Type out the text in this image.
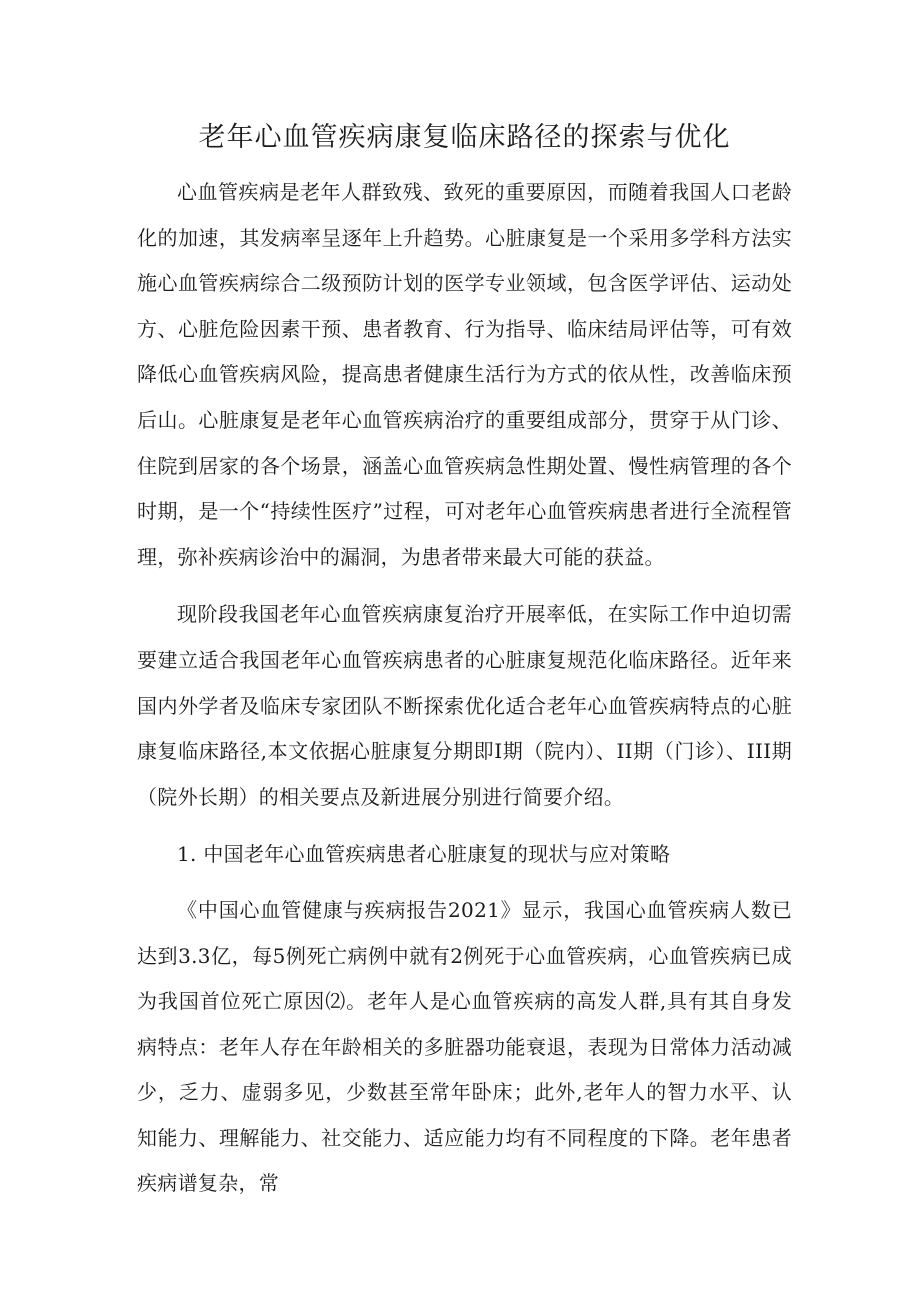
老年心血管疾病康复临床路径的探索与优化

心血管疾病是老年人群致残、致死的重要原因，而随着我国人口老龄化的加速，其发病率呈逐年上升趋势。心脏康复是一个采用多学科方法实施心血管疾病综合二级预防计划的医学专业领域，包含医学评估、运动处方、心脏危险因素干预、患者教育、行为指导、临床结局评估等，可有效降低心血管疾病风险，提高患者健康生活行为方式的依从性，改善临床预后山。心脏康复是老年心血管疾病治疗的重要组成部分，贯穿于从门诊、住院到居家的各个场景，涵盖心血管疾病急性期处置、慢性病管理的各个时期，是一个“持续性医疗”过程，可对老年心血管疾病患者进行全流程管理，弥补疾病诊治中的漏洞，为患者带来最大可能的获益。

现阶段我国老年心血管疾病康复治疗开展率低，在实际工作中迫切需要建立适合我国老年心血管疾病患者的心脏康复规范化临床路径。近年来国内外学者及临床专家团队不断探索优化适合老年心血管疾病特点的心脏康复临床路径,本文依据心脏康复分期即I期（院内）、II期（门诊）、III期（院外长期）的相关要点及新进展分别进行简要介绍。

1. 中国老年心血管疾病患者心脏康复的现状与应对策略

《中国心血管健康与疾病报告2021》显示，我国心血管疾病人数已达到3.3亿，每5例死亡病例中就有2例死于心血管疾病，心血管疾病已成为我国首位死亡原因⑵。老年人是心血管疾病的高发人群,具有其自身发病特点：老年人存在年龄相关的多脏器功能衰退，表现为日常体力活动减少，乏力、虚弱多见，少数甚至常年卧床；此外,老年人的智力水平、认知能力、理解能力、社交能力、适应能力均有不同程度的下降。老年患者疾病谱复杂，常
